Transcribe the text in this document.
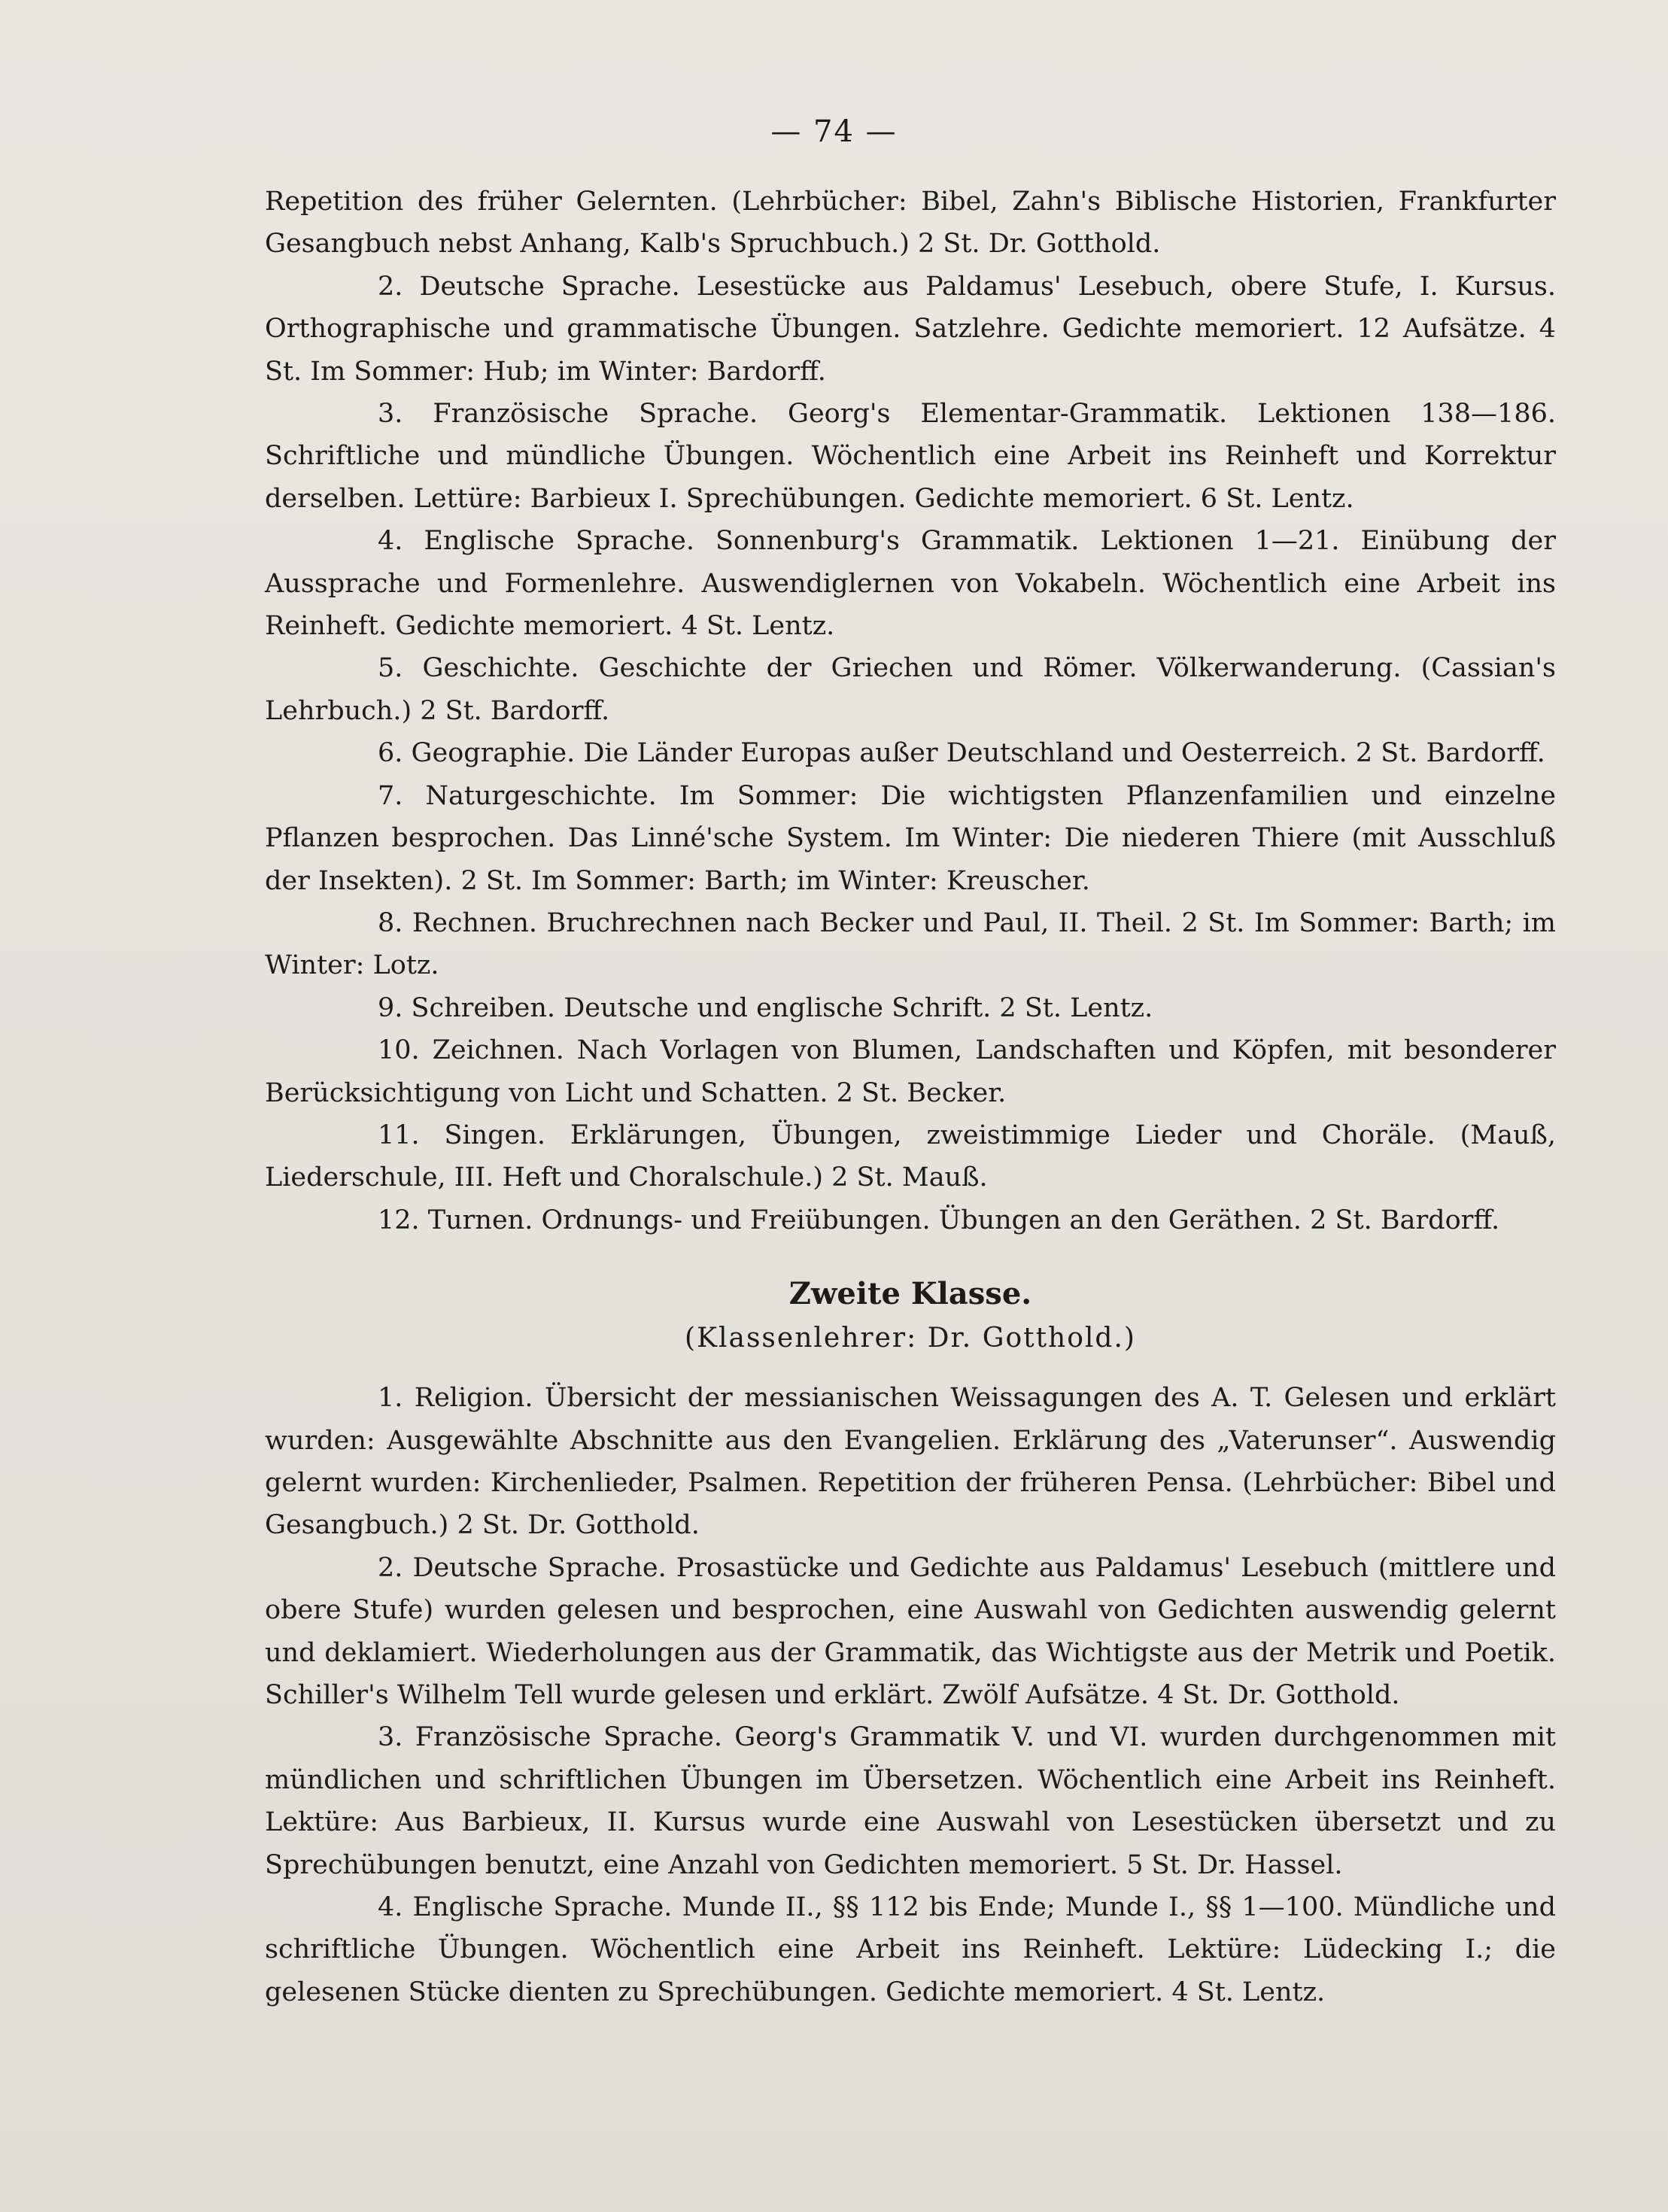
— 74 —

Repetition des früher Gelernten. (Lehrbücher: Bibel, Zahn's Biblische Historien, Frankfurter Gesangbuch nebst Anhang, Kalb's Spruchbuch.) 2 St. Dr. Gotthold.

2. Deutsche Sprache. Lesestücke aus Paldamus' Lesebuch, obere Stufe, I. Kursus. Orthographische und grammatische Übungen. Satzlehre. Gedichte memoriert. 12 Aufsätze. 4 St. Im Sommer: Hub; im Winter: Bardorff.

3. Französische Sprache. Georg's Elementar-Grammatik. Lektionen 138—186. Schriftliche und mündliche Übungen. Wöchentlich eine Arbeit ins Reinheft und Korrektur derselben. Lettüre: Barbieux I. Sprechübungen. Gedichte memoriert. 6 St. Lentz.

4. Englische Sprache. Sonnenburg's Grammatik. Lektionen 1—21. Einübung der Aussprache und Formenlehre. Auswendiglernen von Vokabeln. Wöchentlich eine Arbeit ins Reinheft. Gedichte memoriert. 4 St. Lentz.

5. Geschichte. Geschichte der Griechen und Römer. Völkerwanderung. (Cassian's Lehrbuch.) 2 St. Bardorff.

6. Geographie. Die Länder Europas außer Deutschland und Oesterreich. 2 St. Bardorff.

7. Naturgeschichte. Im Sommer: Die wichtigsten Pflanzenfamilien und einzelne Pflanzen besprochen. Das Linné'sche System. Im Winter: Die niederen Thiere (mit Ausschluß der Insekten). 2 St. Im Sommer: Barth; im Winter: Kreuscher.

8. Rechnen. Bruchrechnen nach Becker und Paul, II. Theil. 2 St. Im Sommer: Barth; im Winter: Lotz.

9. Schreiben. Deutsche und englische Schrift. 2 St. Lentz.

10. Zeichnen. Nach Vorlagen von Blumen, Landschaften und Köpfen, mit besonderer Berücksichtigung von Licht und Schatten. 2 St. Becker.

11. Singen. Erklärungen, Übungen, zweistimmige Lieder und Choräle. (Mauß, Liederschule, III. Heft und Choralschule.) 2 St. Mauß.

12. Turnen. Ordnungs- und Freiübungen. Übungen an den Geräthen. 2 St. Bardorff.

Zweite Klasse.
(Klassenlehrer: Dr. Gotthold.)

1. Religion. Übersicht der messianischen Weissagungen des A. T. Gelesen und erklärt wurden: Ausgewählte Abschnitte aus den Evangelien. Erklärung des „Vaterunser“. Auswendig gelernt wurden: Kirchenlieder, Psalmen. Repetition der früheren Pensa. (Lehrbücher: Bibel und Gesangbuch.) 2 St. Dr. Gotthold.

2. Deutsche Sprache. Prosastücke und Gedichte aus Paldamus' Lesebuch (mittlere und obere Stufe) wurden gelesen und besprochen, eine Auswahl von Gedichten auswendig gelernt und deklamiert. Wiederholungen aus der Grammatik, das Wichtigste aus der Metrik und Poetik. Schiller's Wilhelm Tell wurde gelesen und erklärt. Zwölf Aufsätze. 4 St. Dr. Gotthold.

3. Französische Sprache. Georg's Grammatik V. und VI. wurden durchgenommen mit mündlichen und schriftlichen Übungen im Übersetzen. Wöchentlich eine Arbeit ins Reinheft. Lektüre: Aus Barbieux, II. Kursus wurde eine Auswahl von Lesestücken übersetzt und zu Sprechübungen benutzt, eine Anzahl von Gedichten memoriert. 5 St. Dr. Hassel.

4. Englische Sprache. Munde II., §§ 112 bis Ende; Munde I., §§ 1—100. Mündliche und schriftliche Übungen. Wöchentlich eine Arbeit ins Reinheft. Lektüre: Lüdecking I.; die gelesenen Stücke dienten zu Sprechübungen. Gedichte memoriert. 4 St. Lentz.
